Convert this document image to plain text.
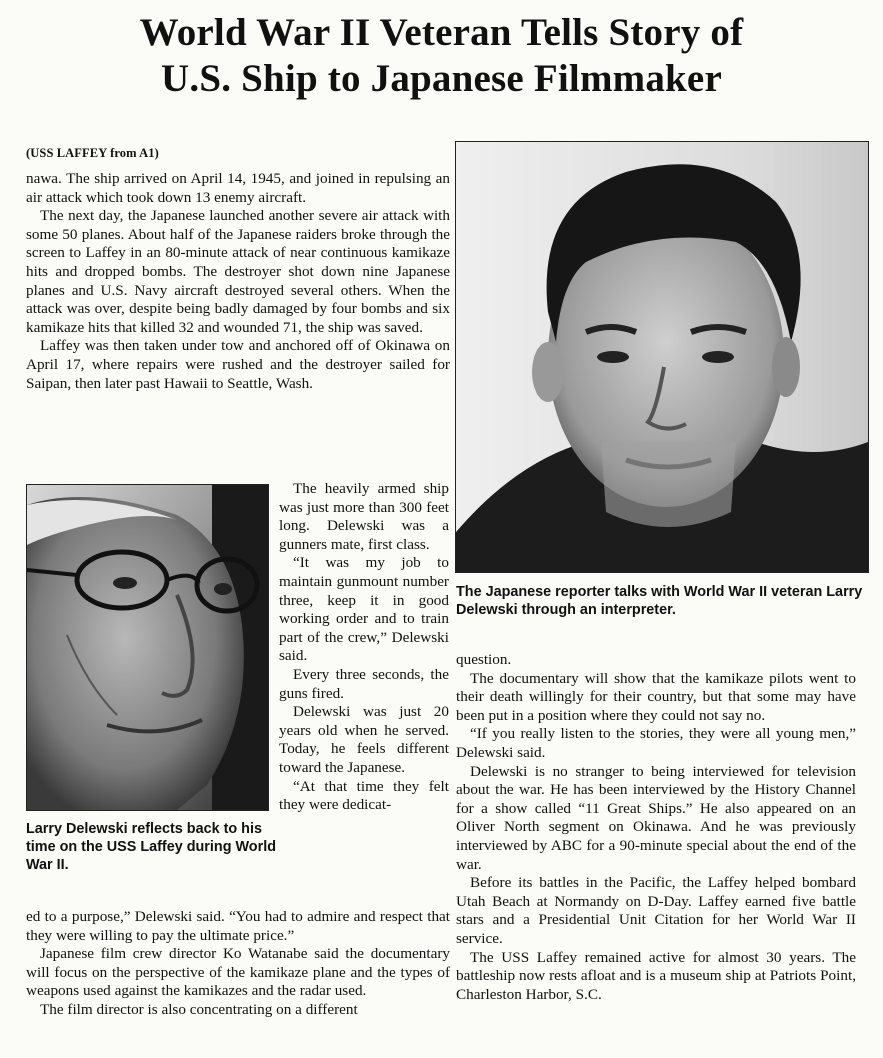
World War II Veteran Tells Story of
U.S. Ship to Japanese Filmmaker
(USS LAFFEY from A1)

nawa. The ship arrived on April 14, 1945, and joined in repulsing an air attack which took down 13 enemy aircraft.

The next day, the Japanese launched another severe air attack with some 50 planes. About half of the Japanese raiders broke through the screen to Laffey in an 80-minute attack of near continuous kamikaze hits and dropped bombs. The destroyer shot down nine Japanese planes and U.S. Navy aircraft destroyed several others. When the attack was over, despite being badly damaged by four bombs and six kamikaze hits that killed 32 and wounded 71, the ship was saved.

Laffey was then taken under tow and anchored off of Okinawa on April 17, where repairs were rushed and the destroyer sailed for Saipan, then later past Hawaii to Seattle, Wash.

Larry Delewski reflects back to his time on the USS Laffey during World War II.

The heavily armed ship was just more than 300 feet long. Delewski was a gunners mate, first class.

“It was my job to maintain gunmount number three, keep it in good working order and to train part of the crew,” Delewski said.

Every three seconds, the guns fired.

Delewski was just 20 years old when he served. Today, he feels different toward the Japanese.

“At that time they felt they were dedicat-

ed to a purpose,” Delewski said. “You had to admire and respect that they were willing to pay the ultimate price.”

Japanese film crew director Ko Watanabe said the documentary will focus on the perspective of the kamikaze plane and the types of weapons used against the kamikazes and the radar used.

The film director is also concentrating on a different

The Japanese reporter talks with World War II veteran Larry Delewski through an interpreter.

question.

The documentary will show that the kamikaze pilots went to their death willingly for their country, but that some may have been put in a position where they could not say no.

“If you really listen to the stories, they were all young men,” Delewski said.

Delewski is no stranger to being interviewed for television about the war. He has been interviewed by the History Channel for a show called “11 Great Ships.” He also appeared on an Oliver North segment on Okinawa. And he was previously interviewed by ABC for a 90-minute special about the end of the war.

Before its battles in the Pacific, the Laffey helped bombard Utah Beach at Normandy on D-Day. Laffey earned five battle stars and a Presidential Unit Citation for her World War II service.

The USS Laffey remained active for almost 30 years. The battleship now rests afloat and is a museum ship at Patriots Point, Charleston Harbor, S.C.
